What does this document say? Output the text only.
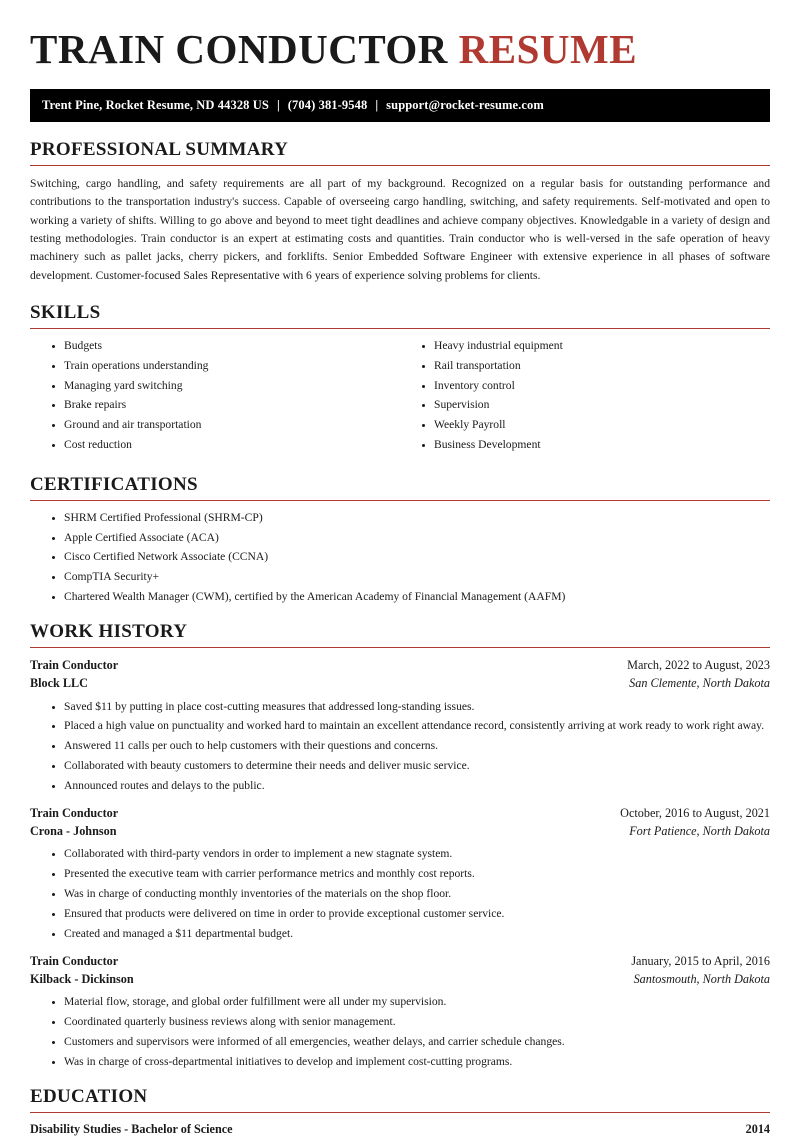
TRAIN CONDUCTOR RESUME
Trent Pine, Rocket Resume, ND 44328 US | (704) 381-9548 | support@rocket-resume.com
PROFESSIONAL SUMMARY

Switching, cargo handling, and safety requirements are all part of my background. Recognized on a regular basis for outstanding performance and contributions to the transportation industry's success. Capable of overseeing cargo handling, switching, and safety requirements. Self-motivated and open to working a variety of shifts. Willing to go above and beyond to meet tight deadlines and achieve company objectives. Knowledgable in a variety of design and testing methodologies. Train conductor is an expert at estimating costs and quantities. Train conductor who is well-versed in the safe operation of heavy machinery such as pallet jacks, cherry pickers, and forklifts. Senior Embedded Software Engineer with extensive experience in all phases of software development. Customer-focused Sales Representative with 6 years of experience solving problems for clients.

SKILLS
• Budgets
• Train operations understanding
• Managing yard switching
• Brake repairs
• Ground and air transportation
• Cost reduction
• Heavy industrial equipment
• Rail transportation
• Inventory control
• Supervision
• Weekly Payroll
• Business Development
CERTIFICATIONS
• SHRM Certified Professional (SHRM-CP)
• Apple Certified Associate (ACA)
• Cisco Certified Network Associate (CCNA)
• CompTIA Security+
• Chartered Wealth Manager (CWM), certified by the American Academy of Financial Management (AAFM)
WORK HISTORY
Train Conductor	March, 2022 to August, 2023
Block LLC	San Clemente, North Dakota
• Saved $11 by putting in place cost-cutting measures that addressed long-standing issues.
• Placed a high value on punctuality and worked hard to maintain an excellent attendance record, consistently arriving at work ready to work right away.
• Answered 11 calls per ouch to help customers with their questions and concerns.
• Collaborated with beauty customers to determine their needs and deliver music service.
• Announced routes and delays to the public.
Train Conductor	October, 2016 to August, 2021
Crona - Johnson	Fort Patience, North Dakota
• Collaborated with third-party vendors in order to implement a new stagnate system.
• Presented the executive team with carrier performance metrics and monthly cost reports.
• Was in charge of conducting monthly inventories of the materials on the shop floor.
• Ensured that products were delivered on time in order to provide exceptional customer service.
• Created and managed a $11 departmental budget.
Train Conductor	January, 2015 to April, 2016
Kilback - Dickinson	Santosmouth, North Dakota
• Material flow, storage, and global order fulfillment were all under my supervision.
• Coordinated quarterly business reviews along with senior management.
• Customers and supervisors were informed of all emergencies, weather delays, and carrier schedule changes.
• Was in charge of cross-departmental initiatives to develop and implement cost-cutting programs.
EDUCATION
Disability Studies - Bachelor of Science	2014
